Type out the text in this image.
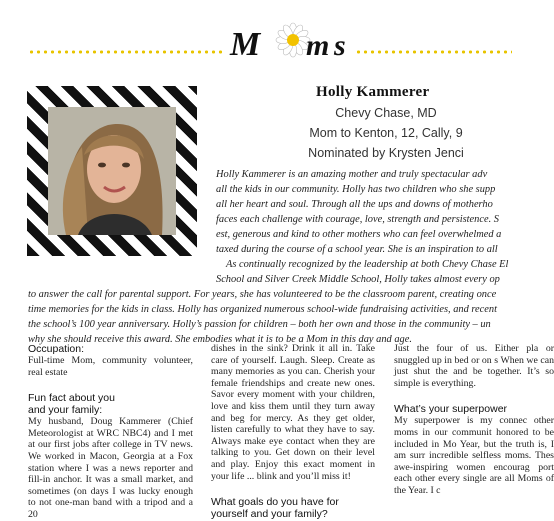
M m s
Holly Kammerer
Chevy Chase, MD
Mom to Kenton, 12, Cally, 9
Nominated by Krysten Jenci
Holly Kammerer is an amazing mother and truly spectacular adv
all the kids in our community. Holly has two children who she supp
all her heart and soul. Through all the ups and downs of motherho
faces each challenge with courage, love, strength and persistence. S
est, generous and kind to other mothers who can feel overwhelmed a
taxed during the course of a school year. She is an inspiration to all
As continually recognized by the leadership at both Chevy Chase El
School and Silver Creek Middle School, Holly takes almost every op
to answer the call for parental support. For years, she has volunteered to be the classroom parent, creating once
time memories for the kids in class. Holly has organized numerous school-wide fundraising activities, and recent
the school’s 100 year anniversary. Holly’s passion for children – both her own and those in the community – un
why she should receive this award. She embodies what it is to be a Mom in this day and age.
Occupation:

Full-time Mom, community volunteer, real estate

Fun fact about you
and your family:

My husband, Doug Kammerer (Chief Meteorologist at WRC NBC4) and I met at our first jobs after college in TV news. We worked in Macon, Georgia at a Fox station where I was a news reporter and fill-in anchor. It was a small market, and sometimes (on days I was lucky enough to not one-man band with a tripod and a 20

dishes in the sink? Drink it all in. Take care of yourself. Laugh. Sleep. Create as many memories as you can. Cherish your female friendships and create new ones. Savor every moment with your children, love and kiss them until they turn away and beg for mercy. As they get older, listen carefully to what they have to say. Always make eye contact when they are talking to you. Get down on their level and play. Enjoy this exact moment in your life ... blink and you’ll miss it!

What goals do you have for
yourself and your family?

Just the four of us. Either pla or snuggled up in bed or on s When we can just shut the and be together. It’s so simple is everything.

What’s your superpower

My superpower is my connec other moms in our communit honored to be included in Mo Year, but the truth is, I am surr incredible selfless moms. Thes awe-inspiring women encourag port each other every single are all Moms of the Year. I c
